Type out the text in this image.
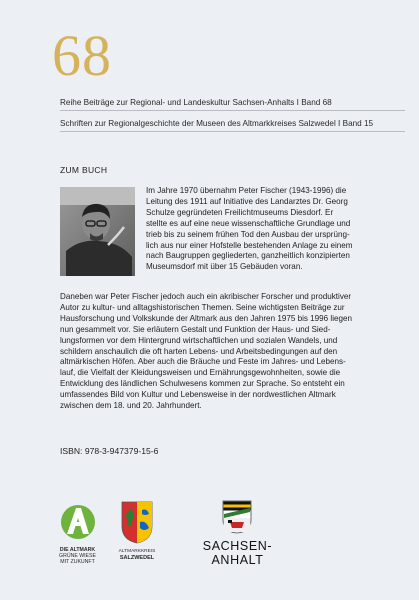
68
Reihe Beiträge zur Regional- und Landeskultur Sachsen-Anhalts I Band 68
Schriften zur Regionalgeschichte der Museen des Altmarkkreises Salzwedel I Band 15
ZUM BUCH
Im Jahre 1970 übernahm Peter Fischer (1943-1996) die
Leitung des 1911 auf Initiative des Landarztes Dr. Georg
Schulze gegründeten Freilichtmuseums Diesdorf. Er
stellte es auf eine neue wissenschaftliche Grundlage und
trieb bis zu seinem frühen Tod den Ausbau der ursprüng-
lich aus nur einer Hofstelle bestehenden Anlage zu einem
nach Baugruppen gegliederten, ganzheitlich konzipierten
Museumsdorf mit über 15 Gebäuden voran.
Daneben war Peter Fischer jedoch auch ein akribischer Forscher und produktiver
Autor zu kultur- und alltagshistorischen Themen. Seine wichtigsten Beiträge zur
Hausforschung und Volkskunde der Altmark aus den Jahren 1975 bis 1996 liegen
nun gesammelt vor. Sie erläutern Gestalt und Funktion der Haus- und Sied-
lungsformen vor dem Hintergrund wirtschaftlichen und sozialen Wandels, und
schildern anschaulich die oft harten Lebens- und Arbeitsbedingungen auf den
altmärkischen Höfen. Aber auch die Bräuche und Feste im Jahres- und Lebens-
lauf, die Vielfalt der Kleidungsweisen und Ernährungsgewohnheiten, sowie die
Entwicklung des ländlichen Schulwesens kommen zur Sprache. So entsteht ein
umfassendes Bild von Kultur und Lebensweise in der nordwestlichen Altmark
zwischen dem 18. und 20. Jahrhundert.
ISBN: 978-3-947379-15-6
DIE ALTMARK
GRÜNE WIESE
MIT ZUKUNFT
ALTMARKKREIS
SALZWEDEL
SACHSEN-ANHALT
